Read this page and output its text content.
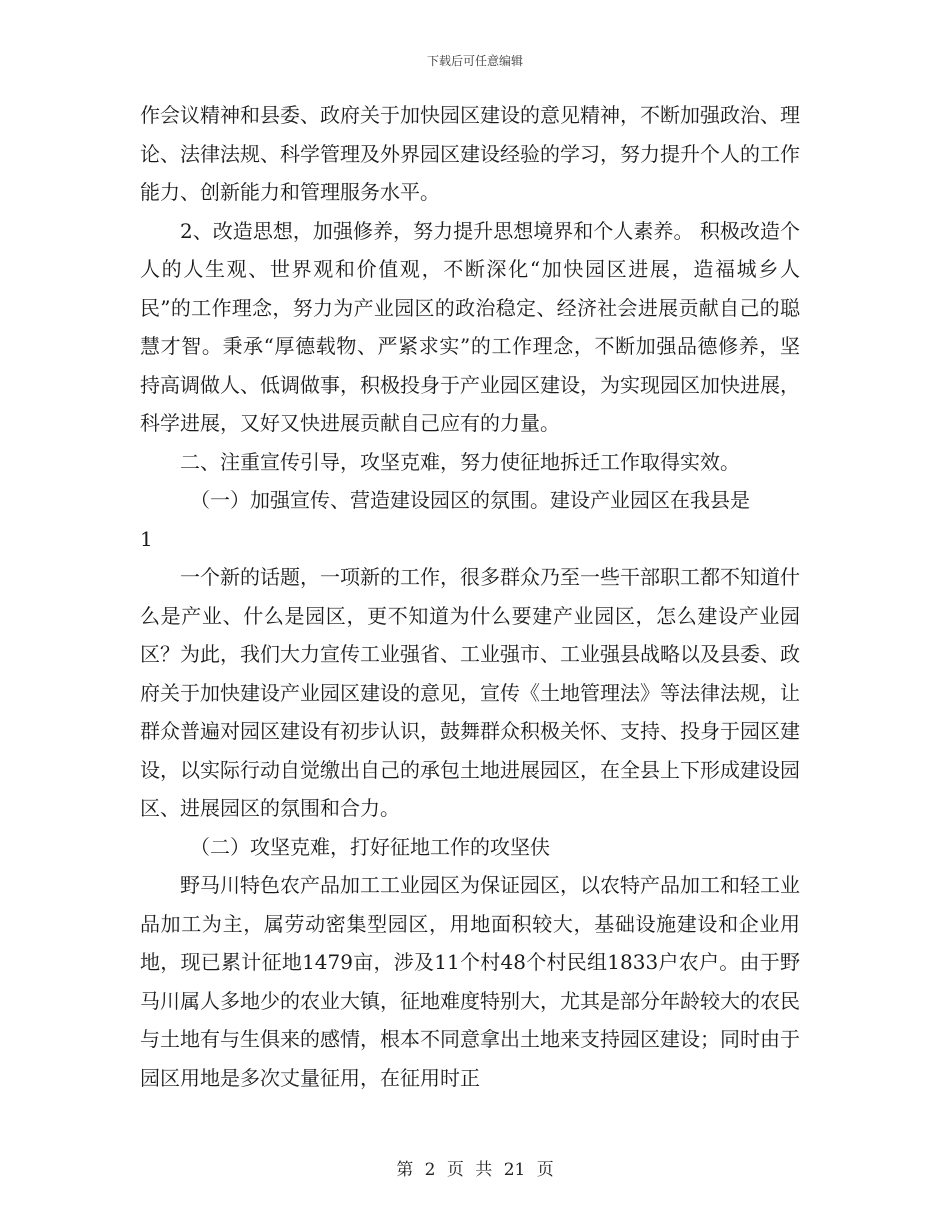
下载后可任意编辑

作会议精神和县委、政府关于加快园区建设的意见精神，不断加强政治、理论、法律法规、科学管理及外界园区建设经验的学习，努力提升个人的工作能力、创新能力和管理服务水平。

2、改造思想，加强修养，努力提升思想境界和个人素养。 积极改造个人的人生观、世界观和价值观，不断深化“加快园区进展，造福城乡人民”的工作理念，努力为产业园区的政治稳定、经济社会进展贡献自己的聪慧才智。秉承“厚德载物、严紧求实”的工作理念，不断加强品德修养，坚持高调做人、低调做事，积极投身于产业园区建设，为实现园区加快进展，科学进展，又好又快进展贡献自己应有的力量。

二、注重宣传引导，攻坚克难，努力使征地拆迁工作取得实效。

（一）加强宣传、营造建设园区的氛围。建设产业园区在我县是

1

一个新的话题，一项新的工作，很多群众乃至一些干部职工都不知道什么是产业、什么是园区，更不知道为什么要建产业园区，怎么建设产业园区？为此，我们大力宣传工业强省、工业强市、工业强县战略以及县委、政府关于加快建设产业园区建设的意见，宣传《土地管理法》等法律法规，让群众普遍对园区建设有初步认识，鼓舞群众积极关怀、支持、投身于园区建设，以实际行动自觉缴出自己的承包土地进展园区，在全县上下形成建设园区、进展园区的氛围和合力。

（二）攻坚克难，打好征地工作的攻坚伕

野马川特色农产品加工工业园区为保证园区，以农特产品加工和轻工业品加工为主，属劳动密集型园区，用地面积较大，基础设施建设和企业用地，现已累计征地1479亩，涉及11个村48个村民组1833户农户。由于野马川属人多地少的农业大镇，征地难度特别大，尤其是部分年龄较大的农民与土地有与生俱来的感情，根本不同意拿出土地来支持园区建设；同时由于园区用地是多次丈量征用，在征用时正

第 2 页 共 21 页
